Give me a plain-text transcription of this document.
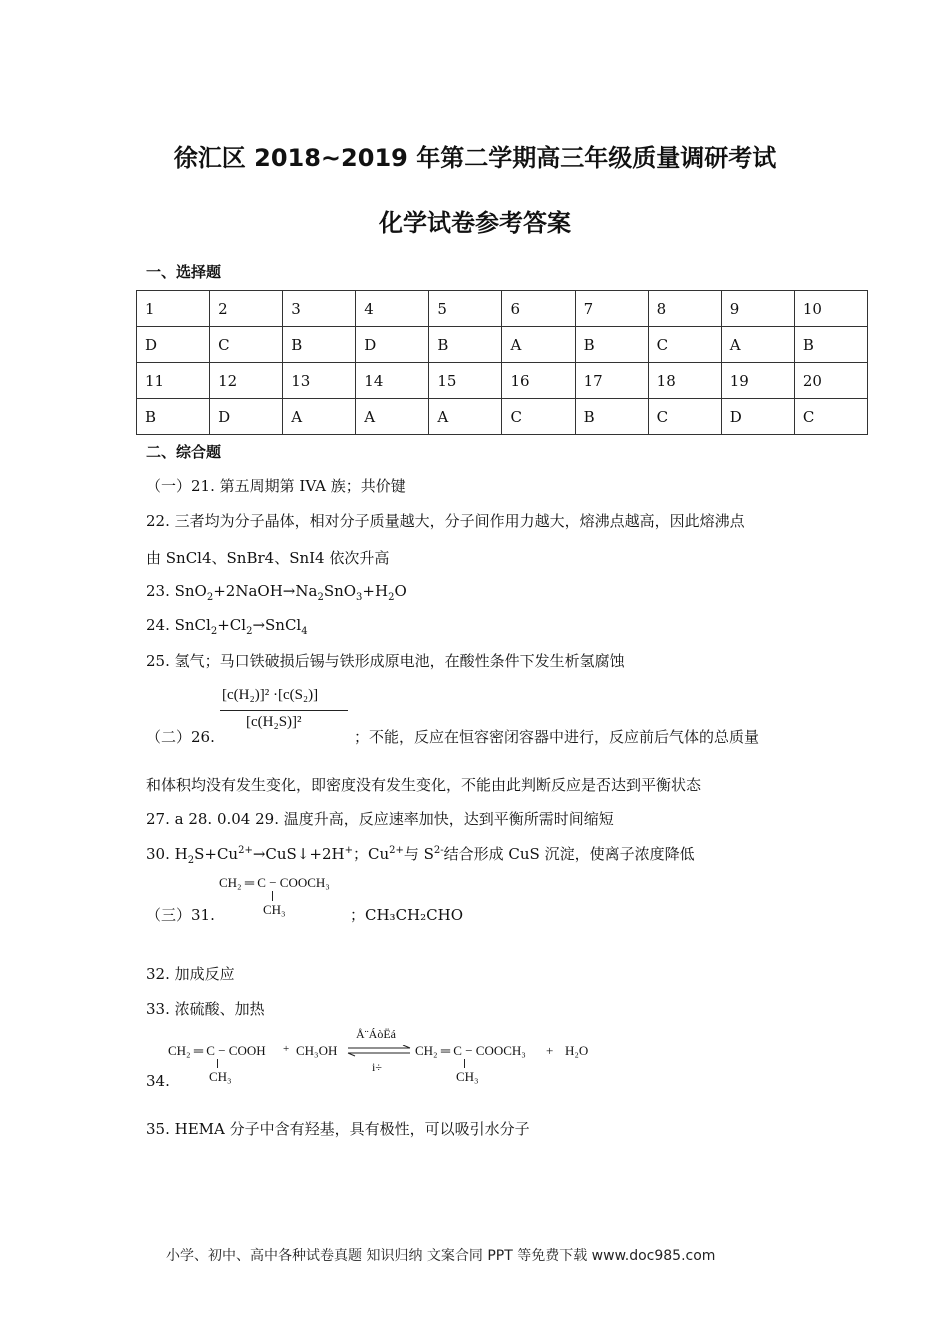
徐汇区 2018~2019 年第二学期高三年级质量调研考试
化学试卷参考答案
一、选择题
1	2	3	4	5	6	7	8	9	10
D	C	B	D	B	A	B	C	A	B
11	12	13	14	15	16	17	18	19	20
B	D	A	A	A	C	B	C	D	C
二、综合题
（一）21. 第五周期第 IVA 族；共价键
22. 三者均为分子晶体，相对分子质量越大，分子间作用力越大，熔沸点越高，因此熔沸点
由 SnCl4、SnBr4、SnI4 依次升高
23. $SnO_2+2NaOH\to Na_2SnO_3+H_2O$
24. $SnCl_2+Cl_2\to SnCl_4$
25. 氢气；马口铁破损后锡与铁形成原电池，在酸性条件下发生析氢腐蚀
[c(H₂)]² ·[c(S₂)]
[c(H₂S)]²
（二）26.	；不能，反应在恒容密闭容器中进行，反应前后气体的总质量
和体积均没有发生变化，即密度没有发生变化，不能由此判断反应是否达到平衡状态
27. a 28. 0.04 29. 温度升高，反应速率加快，达到平衡所需时间缩短
30. $H_2S+Cu^{2+}\to CuS↓+2H^+$；$Cu^{2+}$与 $S^{2-}$结合形成 CuS 沉淀，使离子浓度降低
CH₂ ═ C − COOCH₃
CH₃
（三）31.	；CH₃CH₂CHO
32. 加成反应
33. 浓硫酸、加热
CH₂ ═ C − COOH
CH₃
+ CH₃OH
Å¨ÁòËá
i÷
CH₂ ═ C − COOCH₃
CH₃
+ H₂O
34.
35. HEMA 分子中含有羟基，具有极性，可以吸引水分子
小学、初中、高中各种试卷真题 知识归纳 文案合同 PPT 等免费下载 www.doc985.com
